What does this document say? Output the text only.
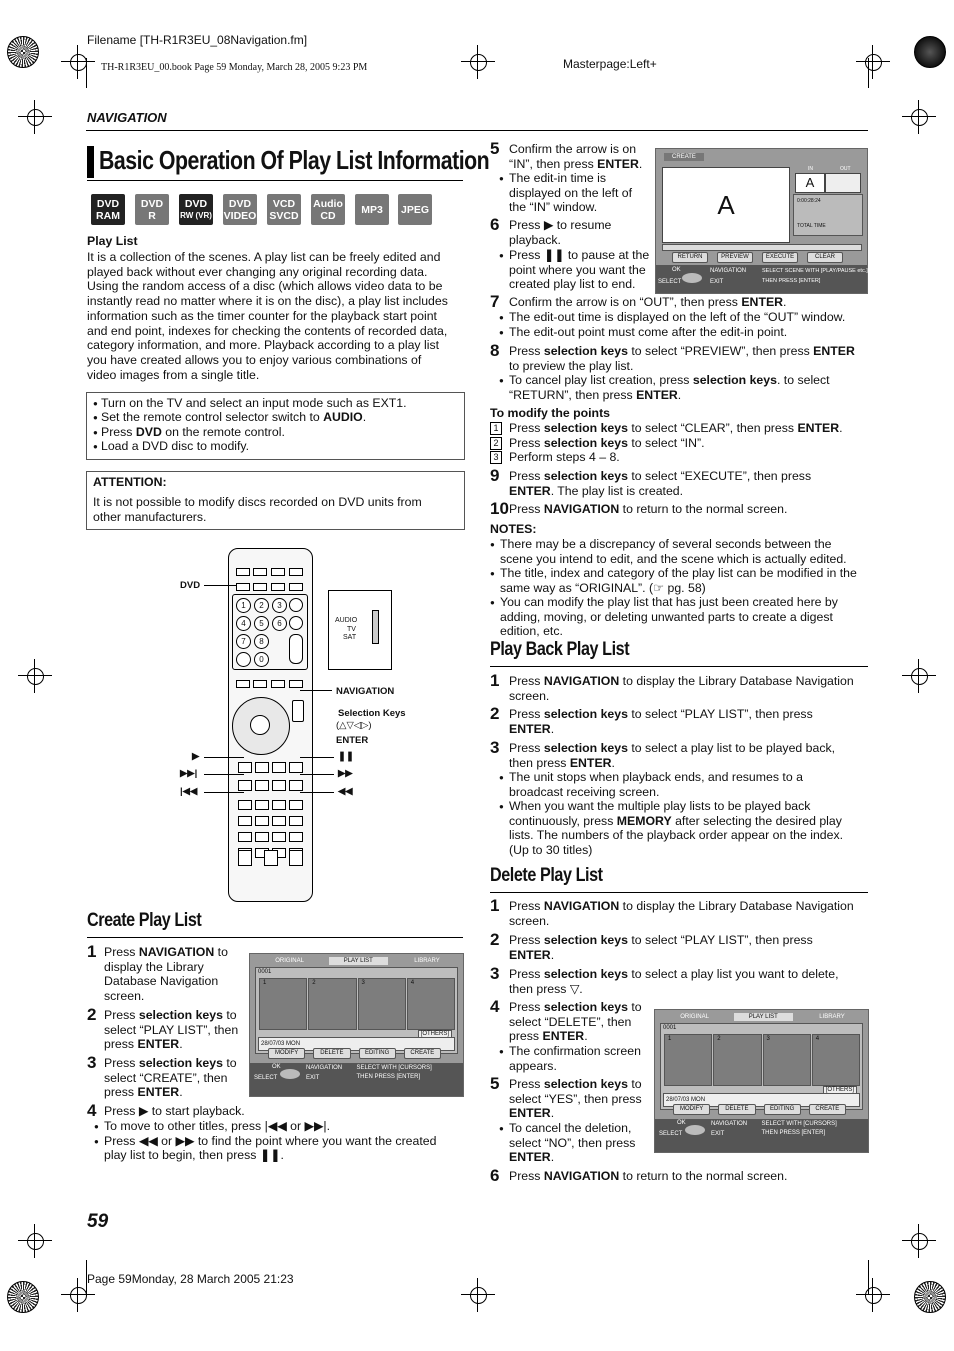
Filename [TH-R1R3EU_08Navigation.fm]
TH-R1R3EU_00.book Page 59 Monday, March 28, 2005 9:23 PM	Masterpage:Left+
NAVIGATION
Basic Operation Of Play List Information
DVD
RAM
DVD
R
DVD
RW (VR)
DVD
VIDEO
VCD
SVCD
Audio
CD	MP3	JPEG
Play List
It is a collection of the scenes. A play list can be freely edited and
played back without ever changing any original recording data.
Using the random access of a disc (which allows video data to be
instantly read no matter where it is on the disc), a play list includes
information such as the timer counter for the playback start point
and end point, indexes for checking the contents of recorded data,
category information, and more. Playback according to a play list
you have created allows you to enjoy various combinations of
video images from a single title.
● Turn on the TV and select an input mode such as EXT1.
● Set the remote control selector switch to AUDIO.
● Press DVD on the remote control.
● Load a DVD disc to modify.
ATTENTION:
It is not possible to modify discs recorded on DVD units from
other manufacturers.
1	2	3
4	5	6
7	8
0
AUDIO
TV
SAT
DVD
NAVIGATION
Selection Keys
(△▽◁▷)
ENTER
▶
▶▶|
|◀◀
❚❚
▶▶
◀◀
Create Play List
1 Press NAVIGATION to
display the Library
Database Navigation
screen.
2 Press selection keys to
select “PLAY LIST”, then
press ENTER.
3 Press selection keys to
select “CREATE”, then
press ENTER.
4 Press ▶ to start playback.
● To move to other titles, press |◀◀ or ▶▶|.
● Press ◀◀ or ▶▶ to find the point where you want the created
play list to begin, then press ❚❚.
ORIGINAL	PLAY LIST	LIBRARY
0001
1	2	3	4
28/07/03 MON
[OTHERS]
MODIFY	DELETE	EDITING	CREATE
OK
SELECT
NAVIGATION
EXIT
SELECT WITH [CURSORS]
THEN PRESS [ENTER]
5 Confirm the arrow is on
“IN”, then press ENTER.
● The edit-in time is
displayed on the left of
the “IN” window.
6 Press ▶ to resume
playback.
● Press ❚❚ to pause at the
point where you want the
created play list to end.
7 Confirm the arrow is on “OUT”, then press ENTER.
● The edit-out time is displayed on the left of the “OUT” window.
● The edit-out point must come after the edit-in point.
8 Press selection keys to select “PREVIEW”, then press ENTER
to preview the play list.
● To cancel play list creation, press selection keys. to select
“RETURN”, then press ENTER.
9 Press selection keys to select “EXECUTE”, then press
ENTER. The play list is created.
10 Press NAVIGATION to return to the normal screen.
CREATE
A
A
IN	OUT
0:00:28:24
TOTAL TIME
RETURN	PREVIEW	EXECUTE	CLEAR
OK
SELECT
NAVIGATION
EXIT
SELECT SCENE WITH [PLAY/PAUSE etc.]
THEN PRESS [ENTER]
To modify the points
1 Press selection keys to select “CLEAR”, then press ENTER.
2 Press selection keys to select “IN”.
3 Perform steps 4 – 8.
NOTES:
● There may be a discrepancy of several seconds between the
scene you intend to edit, and the scene which is actually edited.
● The title, index and category of the play list can be modified in the
same way as “ORIGINAL”. (☞ pg. 58)
● You can modify the play list that has just been created here by
adding, moving, or deleting unwanted parts to create a digest
edition, etc.
Play Back Play List
1 Press NAVIGATION to display the Library Database Navigation
screen.
2 Press selection keys to select “PLAY LIST”, then press
ENTER.
3 Press selection keys to select a play list to be played back,
then press ENTER.
● The unit stops when playback ends, and resumes to a
broadcast receiving screen.
● When you want the multiple play lists to be played back
continuously, press MEMORY after selecting the desired play
lists. The numbers of the playback order appear on the index.
(Up to 30 titles)
Delete Play List
1 Press NAVIGATION to display the Library Database Navigation
screen.
2 Press selection keys to select “PLAY LIST”, then press
ENTER.
3 Press selection keys to select a play list you want to delete,
then press ▽.
4 Press selection keys to
select “DELETE”, then
press ENTER.
● The confirmation screen
appears.
5 Press selection keys to
select “YES”, then press
ENTER.
● To cancel the deletion,
select “NO”, then press
ENTER.
6 Press NAVIGATION to return to the normal screen.
ORIGINAL	PLAY LIST	LIBRARY
0001
1	2	3	4
28/07/03 MON
[OTHERS]
MODIFY	DELETE	EDITING	CREATE
OK
SELECT
NAVIGATION
EXIT
SELECT WITH [CURSORS]
THEN PRESS [ENTER]
59
Page 59Monday, 28 March 2005 21:23
